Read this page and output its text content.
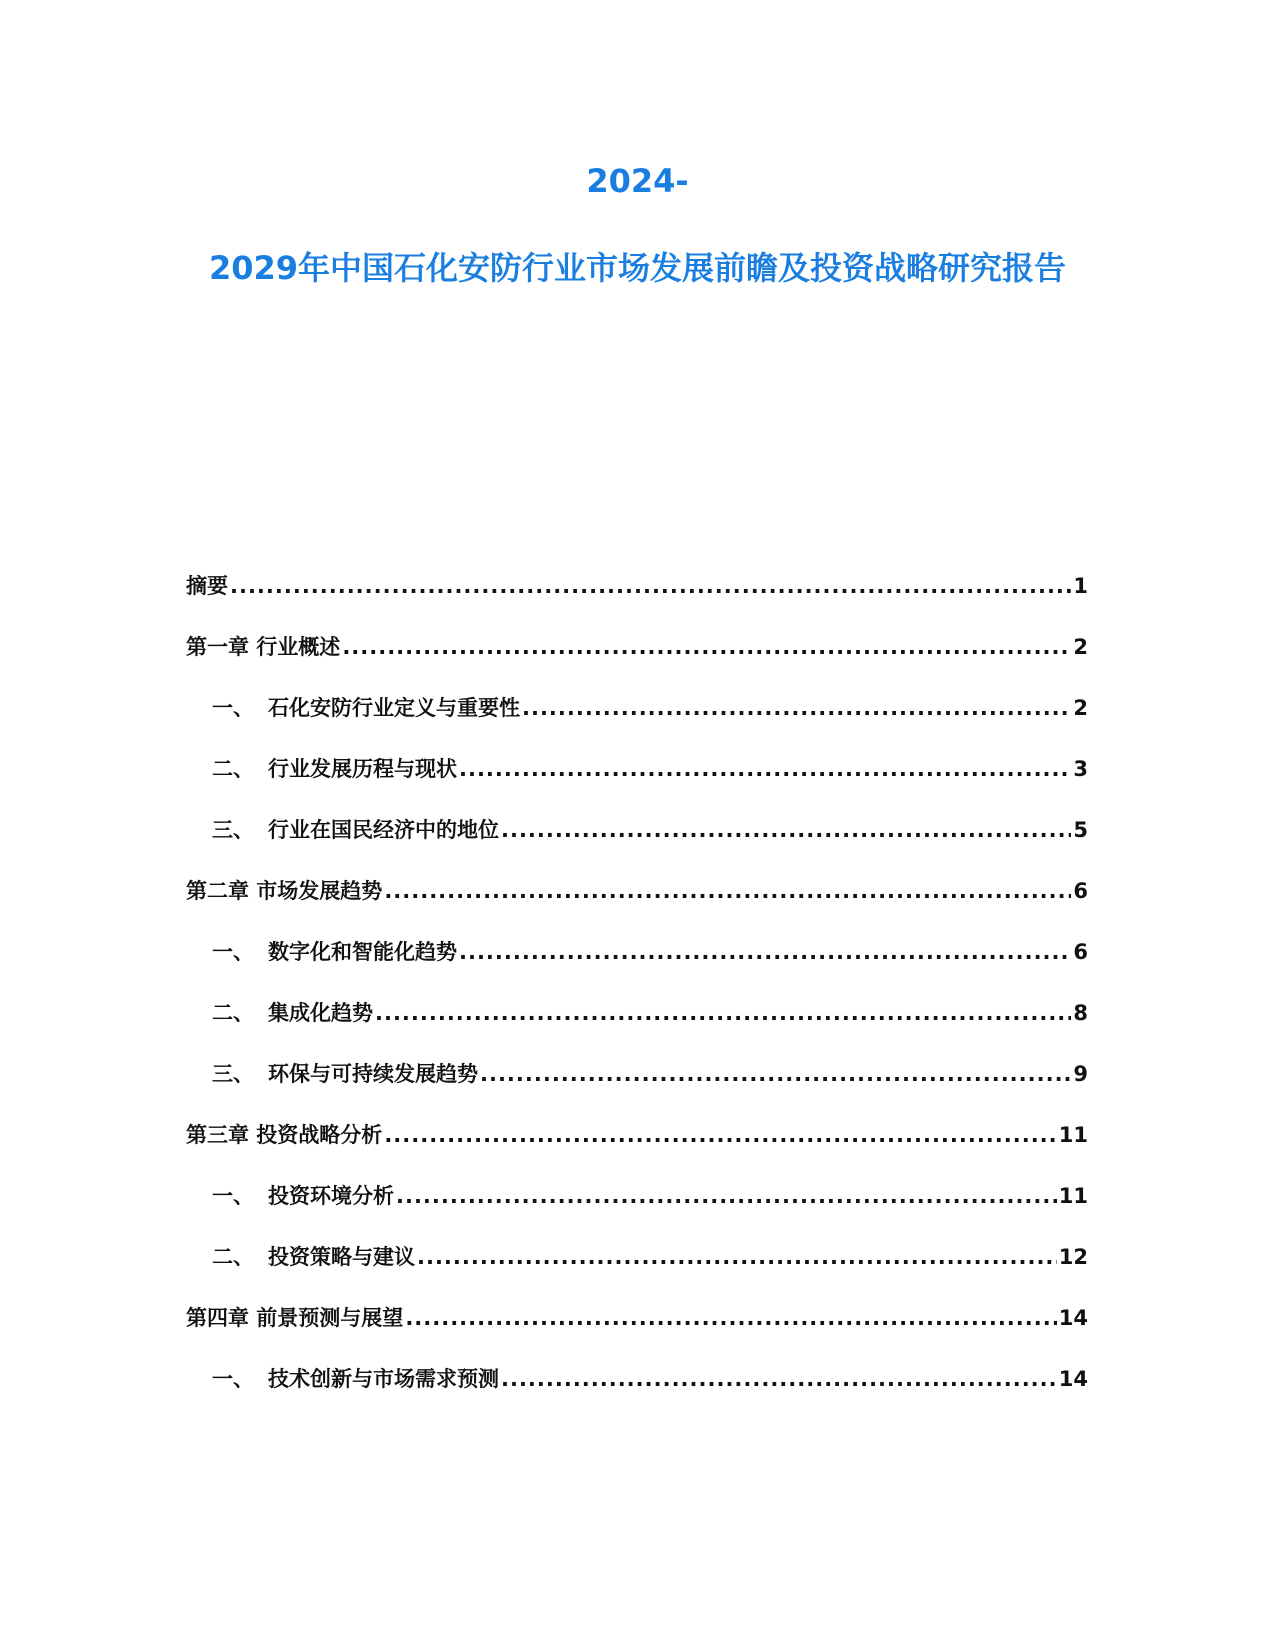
2024-
2029年中国石化安防行业市场发展前瞻及投资战略研究报告
摘要 .....	1
第一章 行业概述 .....	2
一、 石化安防行业定义与重要性 .....	2
二、 行业发展历程与现状 .....	3
三、 行业在国民经济中的地位 .....	5
第二章 市场发展趋势 .....	6
一、 数字化和智能化趋势 .....	6
二、 集成化趋势 .....	8
三、 环保与可持续发展趋势 .....	9
第三章 投资战略分析 .....	11
一、 投资环境分析 .....	11
二、 投资策略与建议 .....	12
第四章 前景预测与展望 .....	14
一、 技术创新与市场需求预测 .....	14
